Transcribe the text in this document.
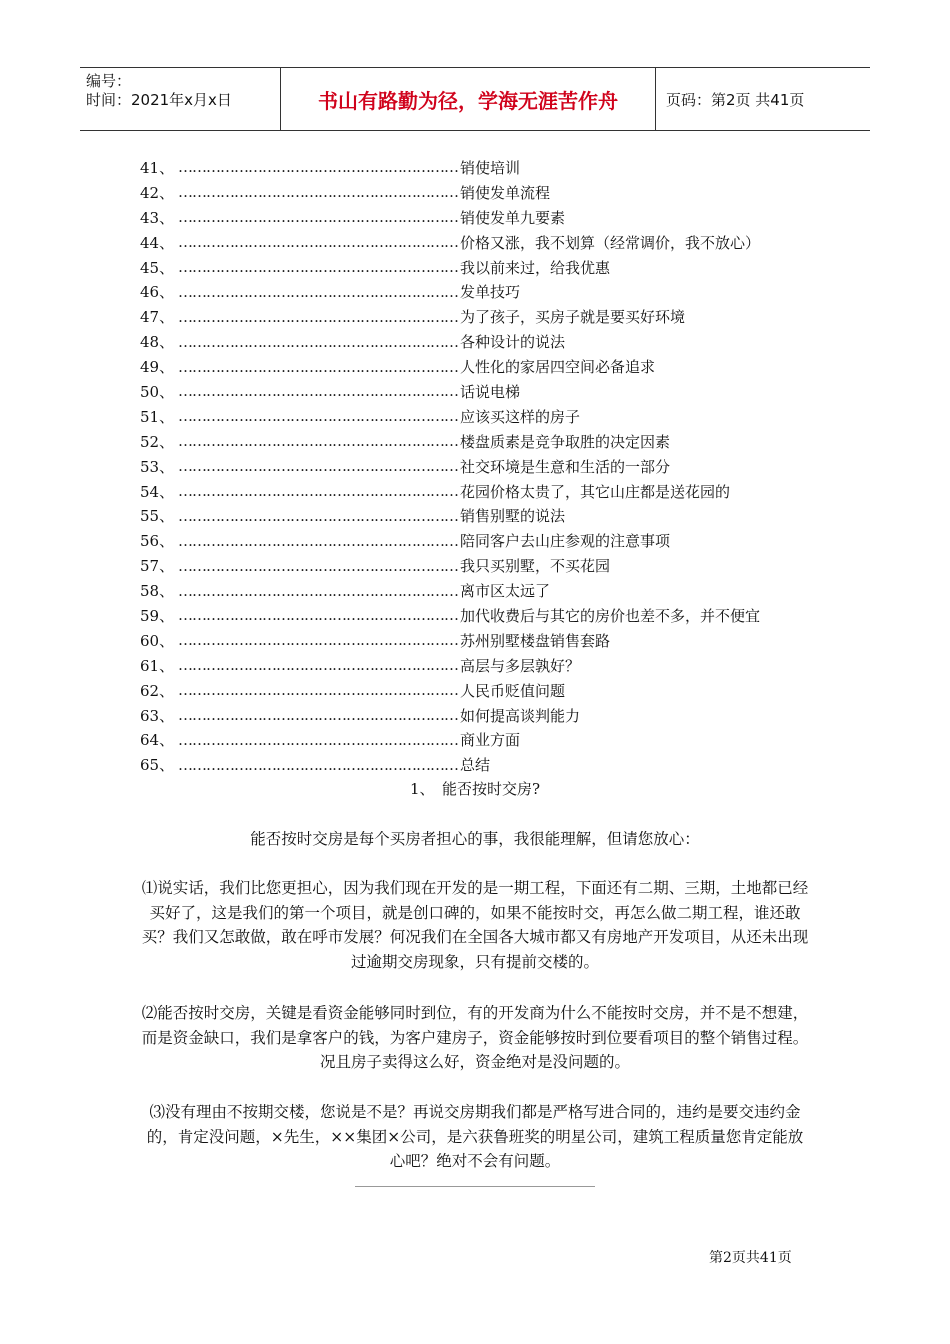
编号：
时间：2021年x月x日	书山有路勤为径，学海无涯苦作舟	页码：第2页 共41页
41、 …………………………………………………… 销使培训
42、 …………………………………………………… 销使发单流程
43、 …………………………………………………… 销使发单九要素
44、 …………………………………………………… 价格又涨，我不划算（经常调价，我不放心）
45、 …………………………………………………… 我以前来过，给我优惠
46、 …………………………………………………… 发单技巧
47、 …………………………………………………… 为了孩子，买房子就是要买好环境
48、 …………………………………………………… 各种设计的说法
49、 …………………………………………………… 人性化的家居四空间必备追求
50、 …………………………………………………… 话说电梯
51、 …………………………………………………… 应该买这样的房子
52、 …………………………………………………… 楼盘质素是竞争取胜的决定因素
53、 …………………………………………………… 社交环境是生意和生活的一部分
54、 …………………………………………………… 花园价格太贵了，其它山庄都是送花园的
55、 …………………………………………………… 销售别墅的说法
56、 …………………………………………………… 陪同客户去山庄参观的注意事项
57、 …………………………………………………… 我只买别墅，不买花园
58、 …………………………………………………… 离市区太远了
59、 …………………………………………………… 加代收费后与其它的房价也差不多，并不便宜
60、 …………………………………………………… 苏州别墅楼盘销售套路
61、 …………………………………………………… 高层与多层孰好？
62、 …………………………………………………… 人民币贬值问题
63、 …………………………………………………… 如何提高谈判能力
64、 …………………………………………………… 商业方面
65、 …………………………………………………… 总结
1、　能否按时交房?
能否按时交房是每个买房者担心的事，我很能理解，但请您放心：
⑴说实话，我们比您更担心，因为我们现在开发的是一期工程，下面还有二期、三期，土地都已经买好了，这是我们的第一个项目，就是创口碑的，如果不能按时交，再怎么做二期工程，谁还敢买？我们又怎敢做，敢在呼市发展？何况我们在全国各大城市都又有房地产开发项目，从还未出现过逾期交房现象，只有提前交楼的。
⑵能否按时交房，关键是看资金能够同时到位，有的开发商为什么不能按时交房，并不是不想建，而是资金缺口，我们是拿客户的钱，为客户建房子，资金能够按时到位要看项目的整个销售过程。况且房子卖得这么好，资金绝对是没问题的。
⑶没有理由不按期交楼，您说是不是？再说交房期我们都是严格写进合同的，违约是要交违约金的，肯定没问题，×先生，××集团×公司，是六获鲁班奖的明星公司，建筑工程质量您肯定能放心吧？绝对不会有问题。
第2页共41页
